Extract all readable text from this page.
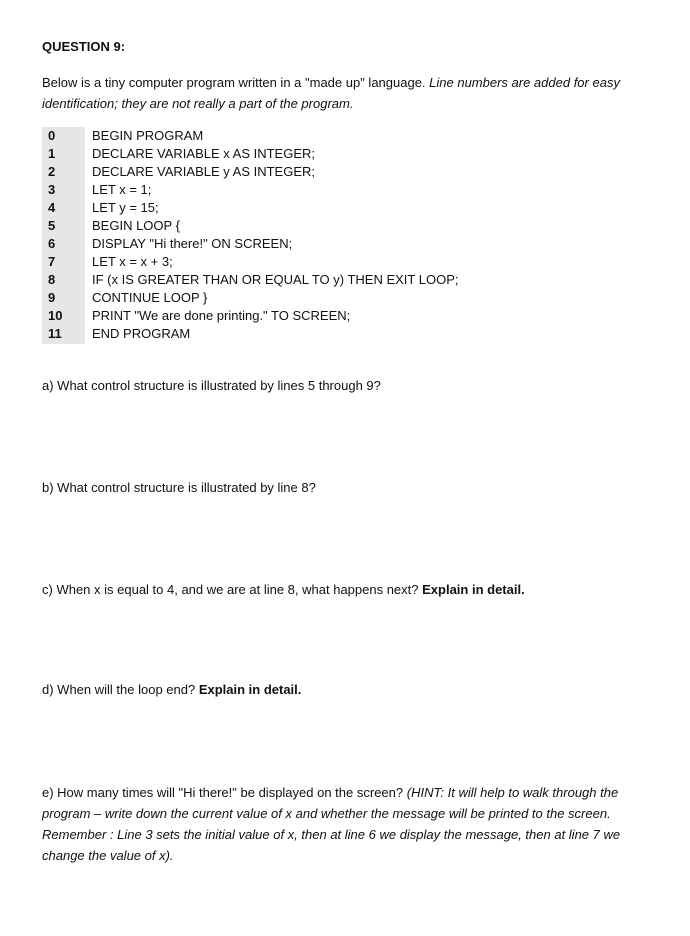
QUESTION 9:
Below is a tiny computer program written in a "made up" language. Line numbers are added for easy
identification; they are not really a part of the program.
0	BEGIN PROGRAM
1	DECLARE VARIABLE x AS INTEGER;
2	DECLARE VARIABLE y AS INTEGER;
3	LET x = 1;
4	LET y = 15;
5	BEGIN LOOP {
6	DISPLAY "Hi there!" ON SCREEN;
7	LET x = x + 3;
8	IF (x IS GREATER THAN OR EQUAL TO y) THEN EXIT LOOP;
9	CONTINUE LOOP }
10 PRINT "We are done printing." TO SCREEN;
11 END PROGRAM
a) What control structure is illustrated by lines 5 through 9?
b) What control structure is illustrated by line 8?
c) When x is equal to 4, and we are at line 8, what happens next? Explain in detail.
d) When will the loop end? Explain in detail.
e) How many times will "Hi there!" be displayed on the screen? (HINT: It will help to walk through the
program – write down the current value of x and whether the message will be printed to the screen.
Remember : Line 3 sets the initial value of x, then at line 6 we display the message, then at line 7 we
change the value of x).
